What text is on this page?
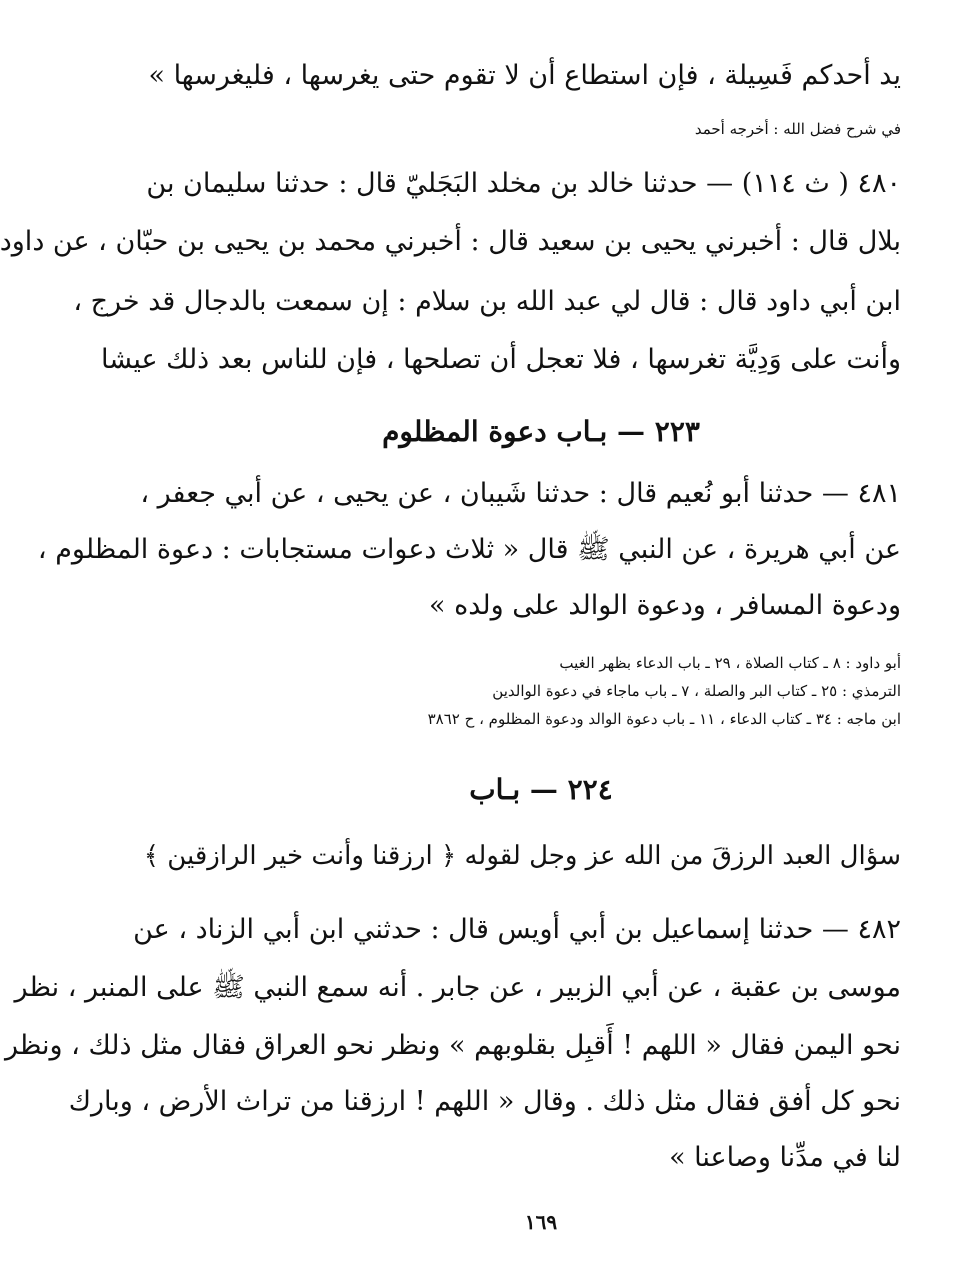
يد أحدكم فَسِيلة ، فإن استطاع أن لا تقوم حتى يغرسها ، فليغرسها »
في شرح فضل الله : أخرجه أحمد
٤٨٠ ( ث ١١٤) — حدثنا خالد بن مخلد البَجَليّ قال : حدثنا سليمان بن
بلال قال : أخبرني يحيى بن سعيد قال : أخبرني محمد بن يحيى بن حبّان ، عن داود
ابن أبي داود قال : قال لي عبد الله بن سلام : إن سمعت بالدجال قد خرج ،
وأنت على وَدِيَّة تغرسها ، فلا تعجل أن تصلحها ، فإن للناس بعد ذلك عيشا
٢٢٣ — بـاب دعوة المظلوم
٤٨١ — حدثنا أبو نُعيم قال : حدثنا شَيبان ، عن يحيى ، عن أبي جعفر ،
عن أبي هريرة ، عن النبي ﷺ قال « ثلاث دعوات مستجابات : دعوة المظلوم ،
ودعوة المسافر ، ودعوة الوالد على ولده »
أبو داود : ٨ ـ كتاب الصلاة ، ٢٩ ـ باب الدعاء بظهر الغيب
الترمذي : ٢٥ ـ كتاب البر والصلة ، ٧ ـ باب ماجاء في دعوة الوالدين
ابن ماجه : ٣٤ ـ كتاب الدعاء ، ١١ ـ باب دعوة الوالد ودعوة المظلوم ، ح ٣٨٦٢
٢٢٤ — بـاب
سؤال العبد الرزقَ من الله عز وجل لقوله ﴿ ارزقنا وأنت خير الرازقين ﴾
٤٨٢ — حدثنا إسماعيل بن أبي أويس قال : حدثني ابن أبي الزناد ، عن
موسى بن عقبة ، عن أبي الزبير ، عن جابر . أنه سمع النبي ﷺ على المنبر ، نظر
نحو اليمن فقال « اللهم ! أَقبِل بقلوبهم » ونظر نحو العراق فقال مثل ذلك ، ونظر
نحو كل أفق فقال مثل ذلك . وقال « اللهم ! ارزقنا من تراث الأرض ، وبارك
لنا في مدِّنا وصاعنا »
١٦٩
